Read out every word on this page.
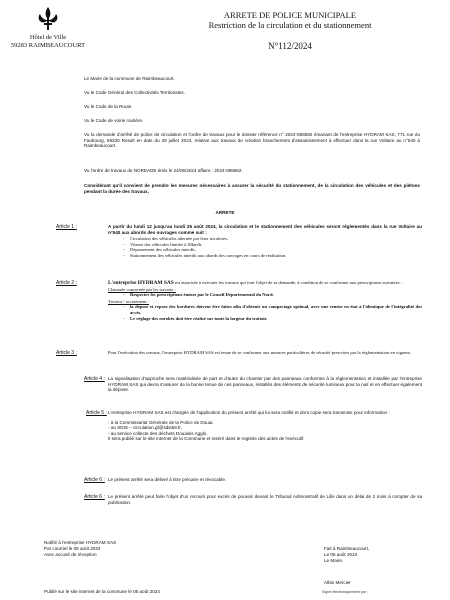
Hôtel de Ville
59283 RAIMBEAUCOURT
ARRETE DE POLICE MUNICIPALE
Restriction de la circulation et du stationnement
N°112/2024
Le Maire de la commune de Raimbeaucourt.
Vu le Code Général des Collectivités Territoriales.
Vu le Code de la Route.
Vu le Code de voirie routière.
Vu la demande d'arrêté de police de circulation et l'ordre de travaux pour le dossier référence n° 2024-088582 émanant de l'entreprise HYDRAM SAS, 771 rue du Faubourg, 59230 Rosult en date du 29 juillet 2024, relative aux travaux de création branchement d'assainissement à effectuer dans la rue Voltaire au n°540 à Raimbeaucourt.
Vu l'ordre de travaux de NOREADE émis le 24/06/2024 affaire : 2024-088582.
Considérant qu'il convient de prendre les mesures nécessaires à assurer la sécurité du stationnement, de la circulation des véhicules et des piétons pendant la durée des travaux,
ARRETE
Article 1 :	A partir du lundi 12 jusqu'au lundi 26 août 2024, la circulation et le stationnement des véhicules seront réglementés dans la rue Voltaire au n°540 aux abords des ouvrages comme suit :
- Circulation des véhicules alternée par feux tricolores,
- Vitesse des véhicules limitée à 30km/h,
- Dépassement des véhicules interdit,
- Stationnement des véhicules interdit aux abords des ouvrages en cours de réalisation.
Article 2 :	L'entreprise HYDRAM SAS est autorisée à exécuter les travaux qui font l'objet de sa demande, à condition de se conformer aux prescriptions suivantes :
Chaussée concernée par les travaux :
- Respecter les prescriptions émises par le Conseil Départemental du Nord.
Trottoir / accotement :
- la dépose et repose des bordures doivent être faites afin d'obtenir un compactage optimal, avec une remise en état à l'identique de l'intégralité des accès.
- Le réglage des enrobés doit être réalisé sur toute la largeur du trottoir.
Article 3 :	Pour l'exécution des travaux, l'entreprise HYDRAM SAS est tenue de se conformer aux mesures particulières de sécurité prescrites par la réglementation en vigueur.
Article 4 : La signalisation d'approche sera matérialisée de part et d'autre du chantier par des panneaux conformes à la réglementation et installée par l'entreprise HYDRAM SAS qui devra s'assurer de la bonne tenue de ces panneaux, installés des éléments de sécurité lumineux pour la nuit et en effectuer également la dépose.
Article 5 : L'entreprise HYDRAM SAS est chargée de l'application du présent arrêté qui lui sera notifié et dont copie sera transmise pour information :
- à la Commissariat Générale de la Police de Douai,
- au SDIS – circulation.gf@sdis59.fr,
- au service collecte des déchets Douaisis Agglo.
Il sera publié sur le site internet de la Commune et inséré dans le registre des actes de l'exécutif.
Article 6 : Le présent arrêté sera délivré à titre précaire et révocable.
Article 6 : Le présent arrêté peut faire l'objet d'un recours pour excès de pouvoir devant le Tribunal Administratif de Lille dans un délai de 2 mois à compter de sa publication.
Notifié à l'entreprise HYDRAM SAS
Par courriel le 05 août 2024
Avec accusé de réception
Publié sur le site internet de la commune le 05 août 2024
Fait à Raimbeaucourt,
Le 05 août 2024
Le Maire,
Albin Mercier
Signé électroniquement par :
